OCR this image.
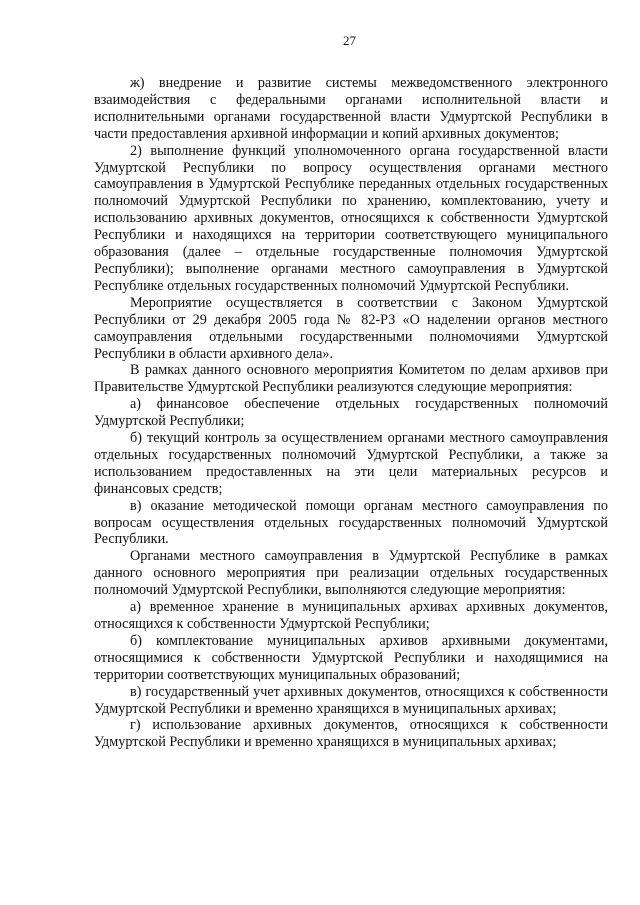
27

ж) внедрение и развитие системы межведомственного электронного взаимодействия с федеральными органами исполнительной власти и исполнительными органами государственной власти Удмуртской Республики в части предоставления архивной информации и копий архивных документов;

2) выполнение функций уполномоченного органа государственной власти Удмуртской Республики по вопросу осуществления органами местного самоуправления в Удмуртской Республике переданных отдельных государственных полномочий Удмуртской Республики по хранению, комплектованию, учету и использованию архивных документов, относящихся к собственности Удмуртской Республики и находящихся на территории соответствующего муниципального образования (далее – отдельные государственные полномочия Удмуртской Республики); выполнение органами местного самоуправления в Удмуртской Республике отдельных государственных полномочий Удмуртской Республики.

Мероприятие осуществляется в соответствии с Законом Удмуртской Республики от 29 декабря 2005 года № 82-РЗ «О наделении органов местного самоуправления отдельными государственными полномочиями Удмуртской Республики в области архивного дела».

В рамках данного основного мероприятия Комитетом по делам архивов при Правительстве Удмуртской Республики реализуются следующие мероприятия:

а) финансовое обеспечение отдельных государственных полномочий Удмуртской Республики;

б) текущий контроль за осуществлением органами местного самоуправления отдельных государственных полномочий Удмуртской Республики, а также за использованием предоставленных на эти цели материальных ресурсов и финансовых средств;

в) оказание методической помощи органам местного самоуправления по вопросам осуществления отдельных государственных полномочий Удмуртской Республики.

Органами местного самоуправления в Удмуртской Республике в рамках данного основного мероприятия при реализации отдельных государственных полномочий Удмуртской Республики, выполняются следующие мероприятия:

а) временное хранение в муниципальных архивах архивных документов, относящихся к собственности Удмуртской Республики;

б) комплектование муниципальных архивов архивными документами, относящимися к собственности Удмуртской Республики и находящимися на территории соответствующих муниципальных образований;

в) государственный учет архивных документов, относящихся к собственности Удмуртской Республики и временно хранящихся в муниципальных архивах;

г) использование архивных документов, относящихся к собственности Удмуртской Республики и временно хранящихся в муниципальных архивах;
